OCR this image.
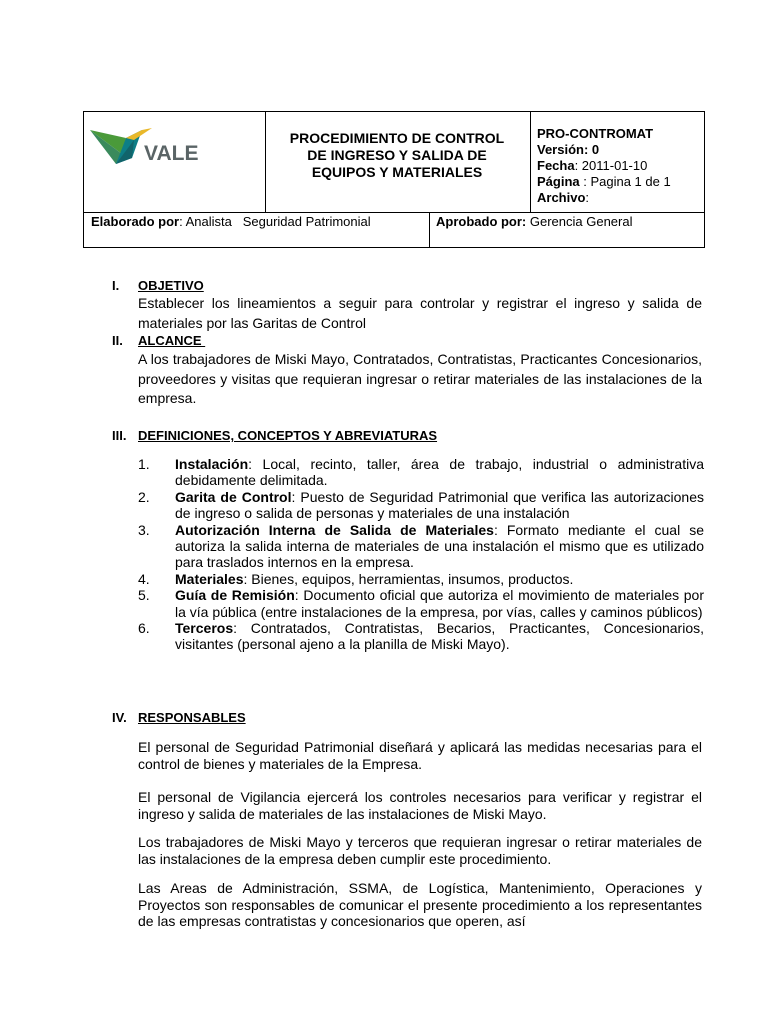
VALE
PROCEDIMIENTO DE CONTROL
DE INGRESO Y SALIDA DE
EQUIPOS Y MATERIALES
PRO-CONTROMAT
Versión: 0
Fecha: 2011-01-10
Página : Pagina 1 de 1
Archivo:
Elaborado por: Analista   Seguridad Patrimonial	Aprobado por: Gerencia General
I. OBJETIVO
Establecer los lineamientos a seguir para controlar y registrar el ingreso y salida de materiales por las Garitas de Control
II. ALCANCE
A los trabajadores de Miski Mayo, Contratados, Contratistas, Practicantes Concesionarios, proveedores y visitas que requieran ingresar o retirar materiales de las instalaciones de la empresa.
III. DEFINICIONES, CONCEPTOS Y ABREVIATURAS
1. Instalación: Local, recinto, taller, área de trabajo, industrial o administrativa debidamente delimitada.
2. Garita de Control: Puesto de Seguridad Patrimonial que verifica las autorizaciones de ingreso o salida de personas y materiales de una instalación
3. Autorización Interna de Salida de Materiales: Formato mediante el cual se autoriza la salida interna de materiales de una instalación el mismo que es utilizado para traslados internos en la empresa.
4. Materiales: Bienes, equipos, herramientas, insumos, productos.
5. Guía de Remisión: Documento oficial que autoriza el movimiento de materiales por la vía pública (entre instalaciones de la empresa, por vías, calles y caminos públicos)
6. Terceros: Contratados, Contratistas, Becarios, Practicantes, Concesionarios, visitantes (personal ajeno a la planilla de Miski Mayo).
IV. RESPONSABLES
El personal de Seguridad Patrimonial diseñará y aplicará las medidas necesarias para el control de bienes y materiales de la Empresa.
El personal de Vigilancia ejercerá los controles necesarios para verificar y registrar el ingreso y salida de materiales de las instalaciones de Miski Mayo.
Los trabajadores de Miski Mayo y terceros que requieran ingresar o retirar materiales de las instalaciones de la empresa deben cumplir este procedimiento.
Las Areas de Administración, SSMA, de Logística, Mantenimiento, Operaciones y Proyectos son responsables de comunicar el presente procedimiento a los representantes de las empresas contratistas y concesionarios que operen, así
